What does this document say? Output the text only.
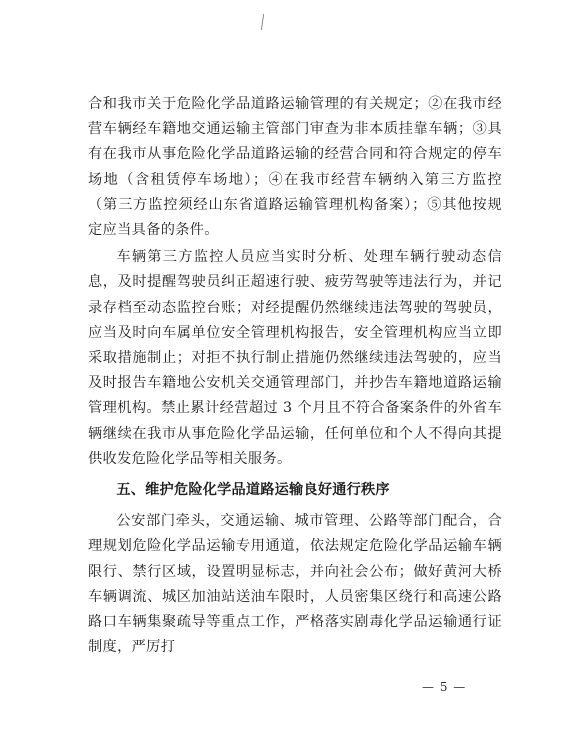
合和我市关于危险化学品道路运输管理的有关规定；②在我市经营车辆经车籍地交通运输主管部门审查为非本质挂靠车辆；③具有在我市从事危险化学品道路运输的经营合同和符合规定的停车场地（含租赁停车场地）；④在我市经营车辆纳入第三方监控（第三方监控须经山东省道路运输管理机构备案）；⑤其他按规定应当具备的条件。

车辆第三方监控人员应当实时分析、处理车辆行驶动态信息，及时提醒驾驶员纠正超速行驶、疲劳驾驶等违法行为，并记录存档至动态监控台账；对经提醒仍然继续违法驾驶的驾驶员，应当及时向车属单位安全管理机构报告，安全管理机构应当立即采取措施制止；对拒不执行制止措施仍然继续违法驾驶的，应当及时报告车籍地公安机关交通管理部门，并抄告车籍地道路运输管理机构。禁止累计经营超过 3 个月且不符合备案条件的外省车辆继续在我市从事危险化学品运输，任何单位和个人不得向其提供收发危险化学品等相关服务。

五、维护危险化学品道路运输良好通行秩序

公安部门牵头，交通运输、城市管理、公路等部门配合，合理规划危险化学品运输专用通道，依法规定危险化学品运输车辆限行、禁行区域，设置明显标志，并向社会公布；做好黄河大桥车辆调流、城区加油站送油车限时，人员密集区绕行和高速公路路口车辆集聚疏导等重点工作，严格落实剧毒化学品运输通行证制度，严厉打

— 5 —
